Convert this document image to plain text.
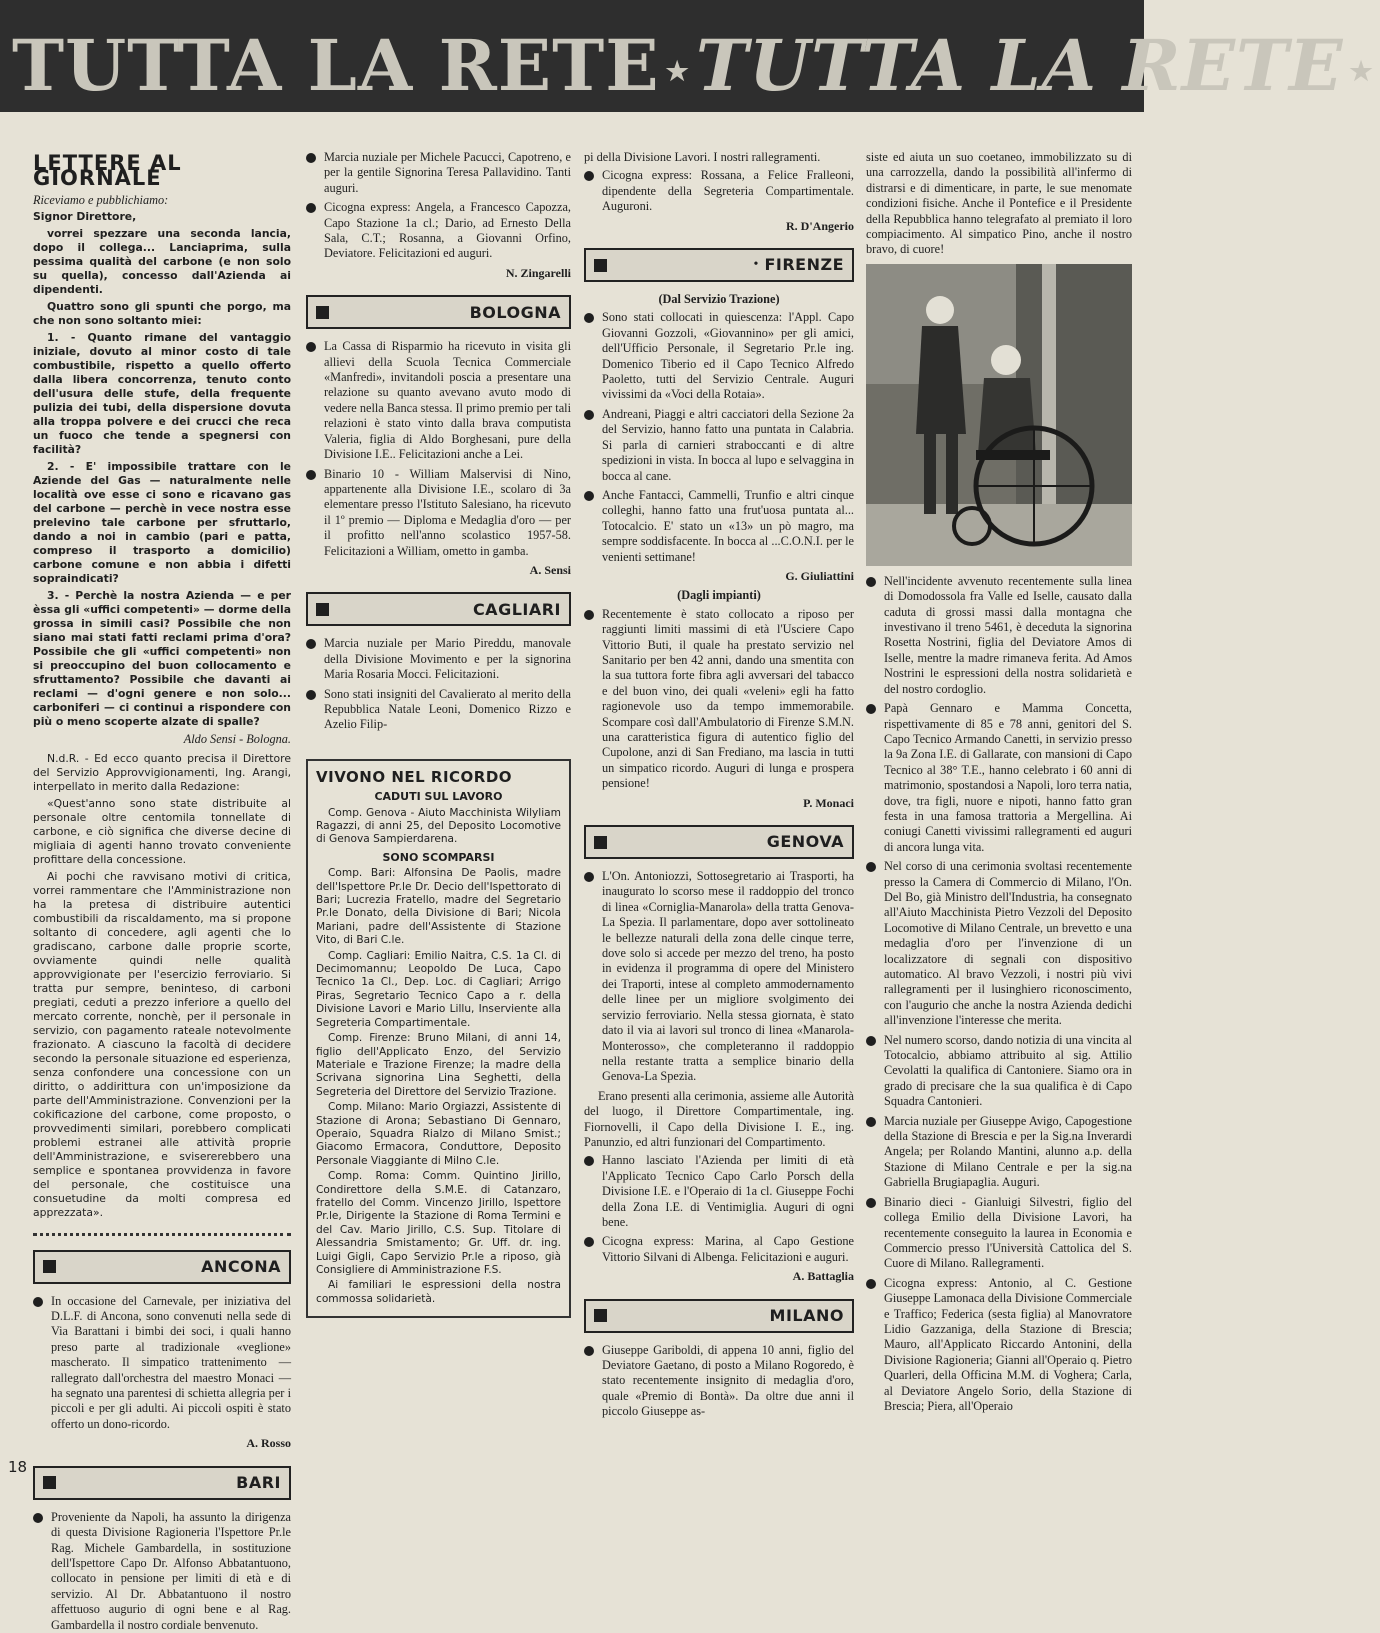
TUTTA LA RETE ★TUTTA LA RETE ★
LETTERE AL GIORNALE
Riceviamo e pubblichiamo:
Signor Direttore,
vorrei spezzare una seconda lancia, dopo il collega... Lanciaprima, sulla pessima qualità del carbone (e non solo su quella), concesso dall'Azienda ai dipendenti.
Quattro sono gli spunti che porgo, ma che non sono soltanto miei:
1. - Quanto rimane del vantaggio iniziale, dovuto al minor costo di tale combustibile, rispetto a quello offerto dalla libera concorrenza, tenuto conto dell'usura delle stufe, della frequente pulizia dei tubi, della dispersione dovuta alla troppa polvere e dei crucci che reca un fuoco che tende a spegnersi con facilità?
2. - E' impossibile trattare con le Aziende del Gas — naturalmente nelle località ove esse ci sono e ricavano gas del carbone — perchè in vece nostra esse prelevino tale carbone per sfruttarlo, dando a noi in cambio (pari e patta, compreso il trasporto a domicilio) carbone comune e non abbia i difetti sopraindicati?
3. - Perchè la nostra Azienda — e per èssa gli «uffici competenti» — dorme della grossa in simili casi? Possibile che non siano mai stati fatti reclami prima d'ora? Possibile che gli «uffici competenti» non si preoccupino del buon collocamento e sfruttamento? Possibile che davanti ai reclami — d'ogni genere e non solo... carboniferi — ci continui a rispondere con più o meno scoperte alzate di spalle?
Aldo Sensi - Bologna.
N.d.R. - Ed ecco quanto precisa il Direttore del Servizio Approvvigionamenti, Ing. Arangi, interpellato in merito dalla Redazione:
«Quest'anno sono state distribuite al personale oltre centomila tonnellate di carbone, e ciò significa che diverse decine di migliaia di agenti hanno trovato conveniente profittare della concessione.
Ai pochi che ravvisano motivi di critica, vorrei rammentare che l'Amministrazione non ha la pretesa di distribuire autentici combustibili da riscaldamento, ma si propone soltanto di concedere, agli agenti che lo gradiscano, carbone dalle proprie scorte, ovviamente quindi nelle qualità approvvigionate per l'esercizio ferroviario. Si tratta pur sempre, beninteso, di carboni pregiati, ceduti a prezzo inferiore a quello del mercato corrente, nonchè, per il personale in servizio, con pagamento rateale notevolmente frazionato. A ciascuno la facoltà di decidere secondo la personale situazione ed esperienza, senza confondere una concessione con un diritto, o addirittura con un'imposizione da parte dell'Amministrazione. Convenzioni per la cokificazione del carbone, come proposto, o provvedimenti similari, porebbero complicati problemi estranei alle attività proprie dell'Amministrazione, e svisererebbero una semplice e spontanea provvidenza in favore del personale, che costituisce una consuetudine da molti compresa ed apprezzata».
ANCONA
In occasione del Carnevale, per iniziativa del D.L.F. di Ancona, sono convenuti nella sede di Via Barattani i bimbi dei soci, i quali hanno preso parte al tradizionale «veglione» mascherato. Il simpatico trattenimento — rallegrato dall'orchestra del maestro Monaci — ha segnato una parentesi di schietta allegria per i piccoli e per gli adulti. Ai piccoli ospiti è stato offerto un dono-ricordo.
A. Rosso
BARI
Proveniente da Napoli, ha assunto la dirigenza di questa Divisione Ragioneria l'Ispettore Pr.le Rag. Michele Gambardella, in sostituzione dell'Ispettore Capo Dr. Alfonso Abbatantuono, collocato in pensione per limiti di età e di servizio. Al Dr. Abbatantuono il nostro affettuoso augurio di ogni bene e al Rag. Gambardella il nostro cordiale benvenuto.
Marcia nuziale per Michele Pacucci, Capotreno, e per la gentile Signorina Teresa Pallavidino. Tanti auguri.
Cicogna express: Angela, a Francesco Capozza, Capo Stazione 1a cl.; Dario, ad Ernesto Della Sala, C.T.; Rosanna, a Giovanni Orfino, Deviatore. Felicitazioni ed auguri.
N. Zingarelli
BOLOGNA
La Cassa di Risparmio ha ricevuto in visita gli allievi della Scuola Tecnica Commerciale «Manfredi», invitandoli poscia a presentare una relazione su quanto avevano avuto modo di vedere nella Banca stessa. Il primo premio per tali relazioni è stato vinto dalla brava computista Valeria, figlia di Aldo Borghesani, pure della Divisione I.E.. Felicitazioni anche a Lei.
Binario 10 - William Malservisi di Nino, appartenente alla Divisione I.E., scolaro di 3a elementare presso l'Istituto Salesiano, ha ricevuto il 1º premio — Diploma e Medaglia d'oro — per il profitto nell'anno scolastico 1957-58. Felicitazioni a William, ometto in gamba.
A. Sensi
CAGLIARI
Marcia nuziale per Mario Pireddu, manovale della Divisione Movimento e per la signorina Maria Rosaria Mocci. Felicitazioni.
Sono stati insigniti del Cavalierato al merito della Repubblica Natale Leoni, Domenico Rizzo e Azelio Filip-
VIVONO NEL RICORDO
CADUTI SUL LAVORO
Comp. Genova - Aiuto Macchinista Wilyliam Ragazzi, di anni 25, del Deposito Locomotive di Genova Sampierdarena.
SONO SCOMPARSI
Comp. Bari: Alfonsina De Paolis, madre dell'Ispettore Pr.le Dr. Decio dell'Ispettorato di Bari; Lucrezia Fratello, madre del Segretario Pr.le Donato, della Divisione di Bari; Nicola Mariani, padre dell'Assistente di Stazione Vito, di Bari C.le.
Comp. Cagliari: Emilio Naitra, C.S. 1a Cl. di Decimomannu; Leopoldo De Luca, Capo Tecnico 1a Cl., Dep. Loc. di Cagliari; Arrigo Piras, Segretario Tecnico Capo a r. della Divisione Lavori e Mario Lillu, Inserviente alla Segreteria Compartimentale.
Comp. Firenze: Bruno Milani, di anni 14, figlio dell'Applicato Enzo, del Servizio Materiale e Trazione Firenze; la madre della Scrivana signorina Lina Seghetti, della Segreteria del Direttore del Servizio Trazione.
Comp. Milano: Mario Orgiazzi, Assistente di Stazione di Arona; Sebastiano Di Gennaro, Operaio, Squadra Rialzo di Milano Smist.; Giacomo Ermacora, Conduttore, Deposito Personale Viaggiante di Milno C.le.
Comp. Roma: Comm. Quintino Jirillo, Condirettore della S.M.E. di Catanzaro, fratello del Comm. Vincenzo Jirillo, Ispettore Pr.le, Dirigente la Stazione di Roma Termini e del Cav. Mario Jirillo, C.S. Sup. Titolare di Alessandria Smistamento; Gr. Uff. dr. ing. Luigi Gigli, Capo Servizio Pr.le a riposo, già Consigliere di Amministrazione F.S.
Ai familiari le espressioni della nostra commossa solidarietà.
pi della Divisione Lavori. I nostri rallegramenti.
Cicogna express: Rossana, a Felice Fralleoni, dipendente della Segreteria Compartimentale. Auguroni.
R. D'Angerio
• FIRENZE
(Dal Servizio Trazione)
Sono stati collocati in quiescenza: l'Appl. Capo Giovanni Gozzoli, «Giovannino» per gli amici, dell'Ufficio Personale, il Segretario Pr.le ing. Domenico Tiberio ed il Capo Tecnico Alfredo Paoletto, tutti del Servizio Centrale. Auguri vivissimi da «Voci della Rotaia».
Andreani, Piaggi e altri cacciatori della Sezione 2a del Servizio, hanno fatto una puntata in Calabria. Si parla di carnieri straboccanti e di altre spedizioni in vista. In bocca al lupo e selvaggina in bocca al cane.
Anche Fantacci, Cammelli, Trunfio e altri cinque colleghi, hanno fatto una frut'uosa puntata al... Totocalcio. E' stato un «13» un pò magro, ma sempre soddisfacente. In bocca al ...C.O.N.I. per le venienti settimane!
G. Giuliattini
(Dagli impianti)
Recentemente è stato collocato a riposo per raggiunti limiti massimi di età l'Usciere Capo Vittorio Buti, il quale ha prestato servizio nel Sanitario per ben 42 anni, dando una smentita con la sua tuttora forte fibra agli avversari del tabacco e del buon vino, dei quali «veleni» egli ha fatto ragionevole uso da tempo immemorabile. Scompare così dall'Ambulatorio di Firenze S.M.N. una caratteristica figura di autentico figlio del Cupolone, anzi di San Frediano, ma lascia in tutti un simpatico ricordo. Auguri di lunga e prospera pensione!
P. Monaci
GENOVA
L'On. Antoniozzi, Sottosegretario ai Trasporti, ha inaugurato lo scorso mese il raddoppio del tronco di linea «Corniglia-Manarola» della tratta Genova-La Spezia. Il parlamentare, dopo aver sottolineato le bellezze naturali della zona delle cinque terre, dove solo si accede per mezzo del treno, ha posto in evidenza il programma di opere del Ministero dei Traporti, intese al completo ammodernamento delle linee per un migliore svolgimento dei servizio ferroviario. Nella stessa giornata, è stato dato il via ai lavori sul tronco di linea «Manarola-Monterosso», che completeranno il raddoppio nella restante tratta a semplice binario della Genova-La Spezia.
Erano presenti alla cerimonia, assieme alle Autorità del luogo, il Direttore Compartimentale, ing. Fiornovelli, il Capo della Divisione I. E., ing. Panunzio, ed altri funzionari del Compartimento.
Hanno lasciato l'Azienda per limiti di età l'Applicato Tecnico Capo Carlo Porsch della Divisione I.E. e l'Operaio di 1a cl. Giuseppe Fochi della Zona I.E. di Ventimiglia. Auguri di ogni bene.
Cicogna express: Marina, al Capo Gestione Vittorio Silvani di Albenga. Felicitazioni e auguri.
A. Battaglia
MILANO
Giuseppe Gariboldi, di appena 10 anni, figlio del Deviatore Gaetano, di posto a Milano Rogoredo, è stato recentemente insignito di medaglia d'oro, quale «Premio di Bontà». Da oltre due anni il piccolo Giuseppe as-
siste ed aiuta un suo coetaneo, immobilizzato su di una carrozzella, dando la possibilità all'infermo di distrarsi e di dimenticare, in parte, le sue menomate condizioni fisiche. Anche il Pontefice e il Presidente della Repubblica hanno telegrafato al premiato il loro compiacimento. Al simpatico Pino, anche il nostro bravo, di cuore!
Nell'incidente avvenuto recentemente sulla linea di Domodossola fra Valle ed Iselle, causato dalla caduta di grossi massi dalla montagna che investivano il treno 5461, è deceduta la signorina Rosetta Nostrini, figlia del Deviatore Amos di Iselle, mentre la madre rimaneva ferita. Ad Amos Nostrini le espressioni della nostra solidarietà e del nostro cordoglio.
Papà Gennaro e Mamma Concetta, rispettivamente di 85 e 78 anni, genitori del S. Capo Tecnico Armando Canetti, in servizio presso la 9a Zona I.E. di Gallarate, con mansioni di Capo Tecnico al 38° T.E., hanno celebrato i 60 anni di matrimonio, spostandosi a Napoli, loro terra natia, dove, tra figli, nuore e nipoti, hanno fatto gran festa in una famosa trattoria a Mergellina. Ai coniugi Canetti vivissimi rallegramenti ed auguri di ancora lunga vita.
Nel corso di una cerimonia svoltasi recentemente presso la Camera di Commercio di Milano, l'On. Del Bo, già Ministro dell'Industria, ha consegnato all'Aiuto Macchinista Pietro Vezzoli del Deposito Locomotive di Milano Centrale, un brevetto e una medaglia d'oro per l'invenzione di un localizzatore di segnali con dispositivo automatico. Al bravo Vezzoli, i nostri più vivi rallegramenti per il lusinghiero riconoscimento, con l'augurio che anche la nostra Azienda dedichi all'invenzione l'interesse che merita.
Nel numero scorso, dando notizia di una vincita al Totocalcio, abbiamo attribuito al sig. Attilio Cevolatti la qualifica di Cantoniere. Siamo ora in grado di precisare che la sua qualifica è di Capo Squadra Cantonieri.
Marcia nuziale per Giuseppe Avigo, Capogestione della Stazione di Brescia e per la Sig.na Inverardi Angela; per Rolando Mantini, alunno a.p. della Stazione di Milano Centrale e per la sig.na Gabriella Brugiapaglia. Auguri.
Binario dieci - Gianluigi Silvestri, figlio del collega Emilio della Divisione Lavori, ha recentemente conseguito la laurea in Economia e Commercio presso l'Università Cattolica del S. Cuore di Milano. Rallegramenti.
Cicogna express: Antonio, al C. Gestione Giuseppe Lamonaca della Divisione Commerciale e Traffico; Federica (sesta figlia) al Manovratore Lidio Gazzaniga, della Stazione di Brescia; Mauro, all'Applicato Riccardo Antonini, della Divisione Ragioneria; Gianni all'Operaio q. Pietro Quarleri, della Officina M.M. di Voghera; Carla, al Deviatore Angelo Sorio, della Stazione di Brescia; Piera, all'Operaio
18
